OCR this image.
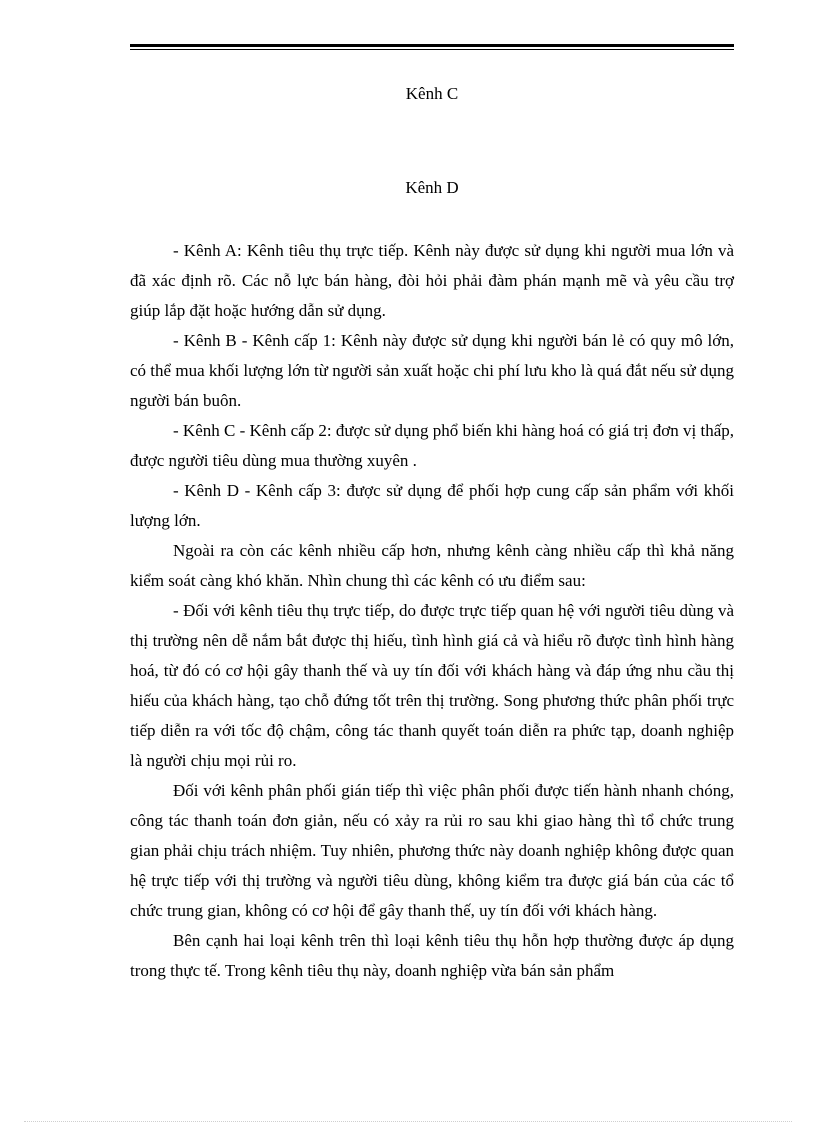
Kênh C
Kênh D

- Kênh A: Kênh tiêu thụ trực tiếp. Kênh này được sử dụng khi người mua lớn và đã xác định rõ. Các nỗ lực bán hàng, đòi hỏi phải đàm phán mạnh mẽ và yêu cầu trợ giúp lắp đặt hoặc hướng dẫn sử dụng.

- Kênh B - Kênh cấp 1: Kênh này được sử dụng khi người bán lẻ có quy mô lớn, có thể mua khối lượng lớn từ người sản xuất hoặc chi phí lưu kho là quá đắt nếu sử dụng người bán buôn.

- Kênh C - Kênh cấp 2: được sử dụng phổ biến khi hàng hoá có giá trị đơn vị thấp, được người tiêu dùng mua thường xuyên .

- Kênh D - Kênh cấp 3: được sử dụng để phối hợp cung cấp sản phẩm với khối lượng lớn.

Ngoài ra còn các kênh nhiều cấp hơn, nhưng kênh càng nhiều cấp thì khả năng kiểm soát càng khó khăn. Nhìn chung thì các kênh có ưu điểm sau:

- Đối với kênh tiêu thụ trực tiếp, do được trực tiếp quan hệ với người tiêu dùng và thị trường nên dễ nắm bắt được thị hiếu, tình hình giá cả và hiểu rõ được tình hình hàng hoá, từ đó có cơ hội gây thanh thế và uy tín đối với khách hàng và đáp ứng nhu cầu thị hiếu của khách hàng, tạo chỗ đứng tốt trên thị trường. Song phương thức phân phối trực tiếp diễn ra với tốc độ chậm, công tác thanh quyết toán diễn ra phức tạp, doanh nghiệp là người chịu mọi rủi ro.

Đối với kênh phân phối gián tiếp thì việc phân phối được tiến hành nhanh chóng, công tác thanh toán đơn giản, nếu có xảy ra rủi ro sau khi giao hàng thì tổ chức trung gian phải chịu trách nhiệm. Tuy nhiên, phương thức này doanh nghiệp không được quan hệ trực tiếp với thị trường và người tiêu dùng, không kiểm tra được giá bán của các tổ chức trung gian, không có cơ hội để gây thanh thế, uy tín đối với khách hàng.

Bên cạnh hai loại kênh trên thì loại kênh tiêu thụ hỗn hợp thường được áp dụng trong thực tế. Trong kênh tiêu thụ này, doanh nghiệp vừa bán sản phẩm
